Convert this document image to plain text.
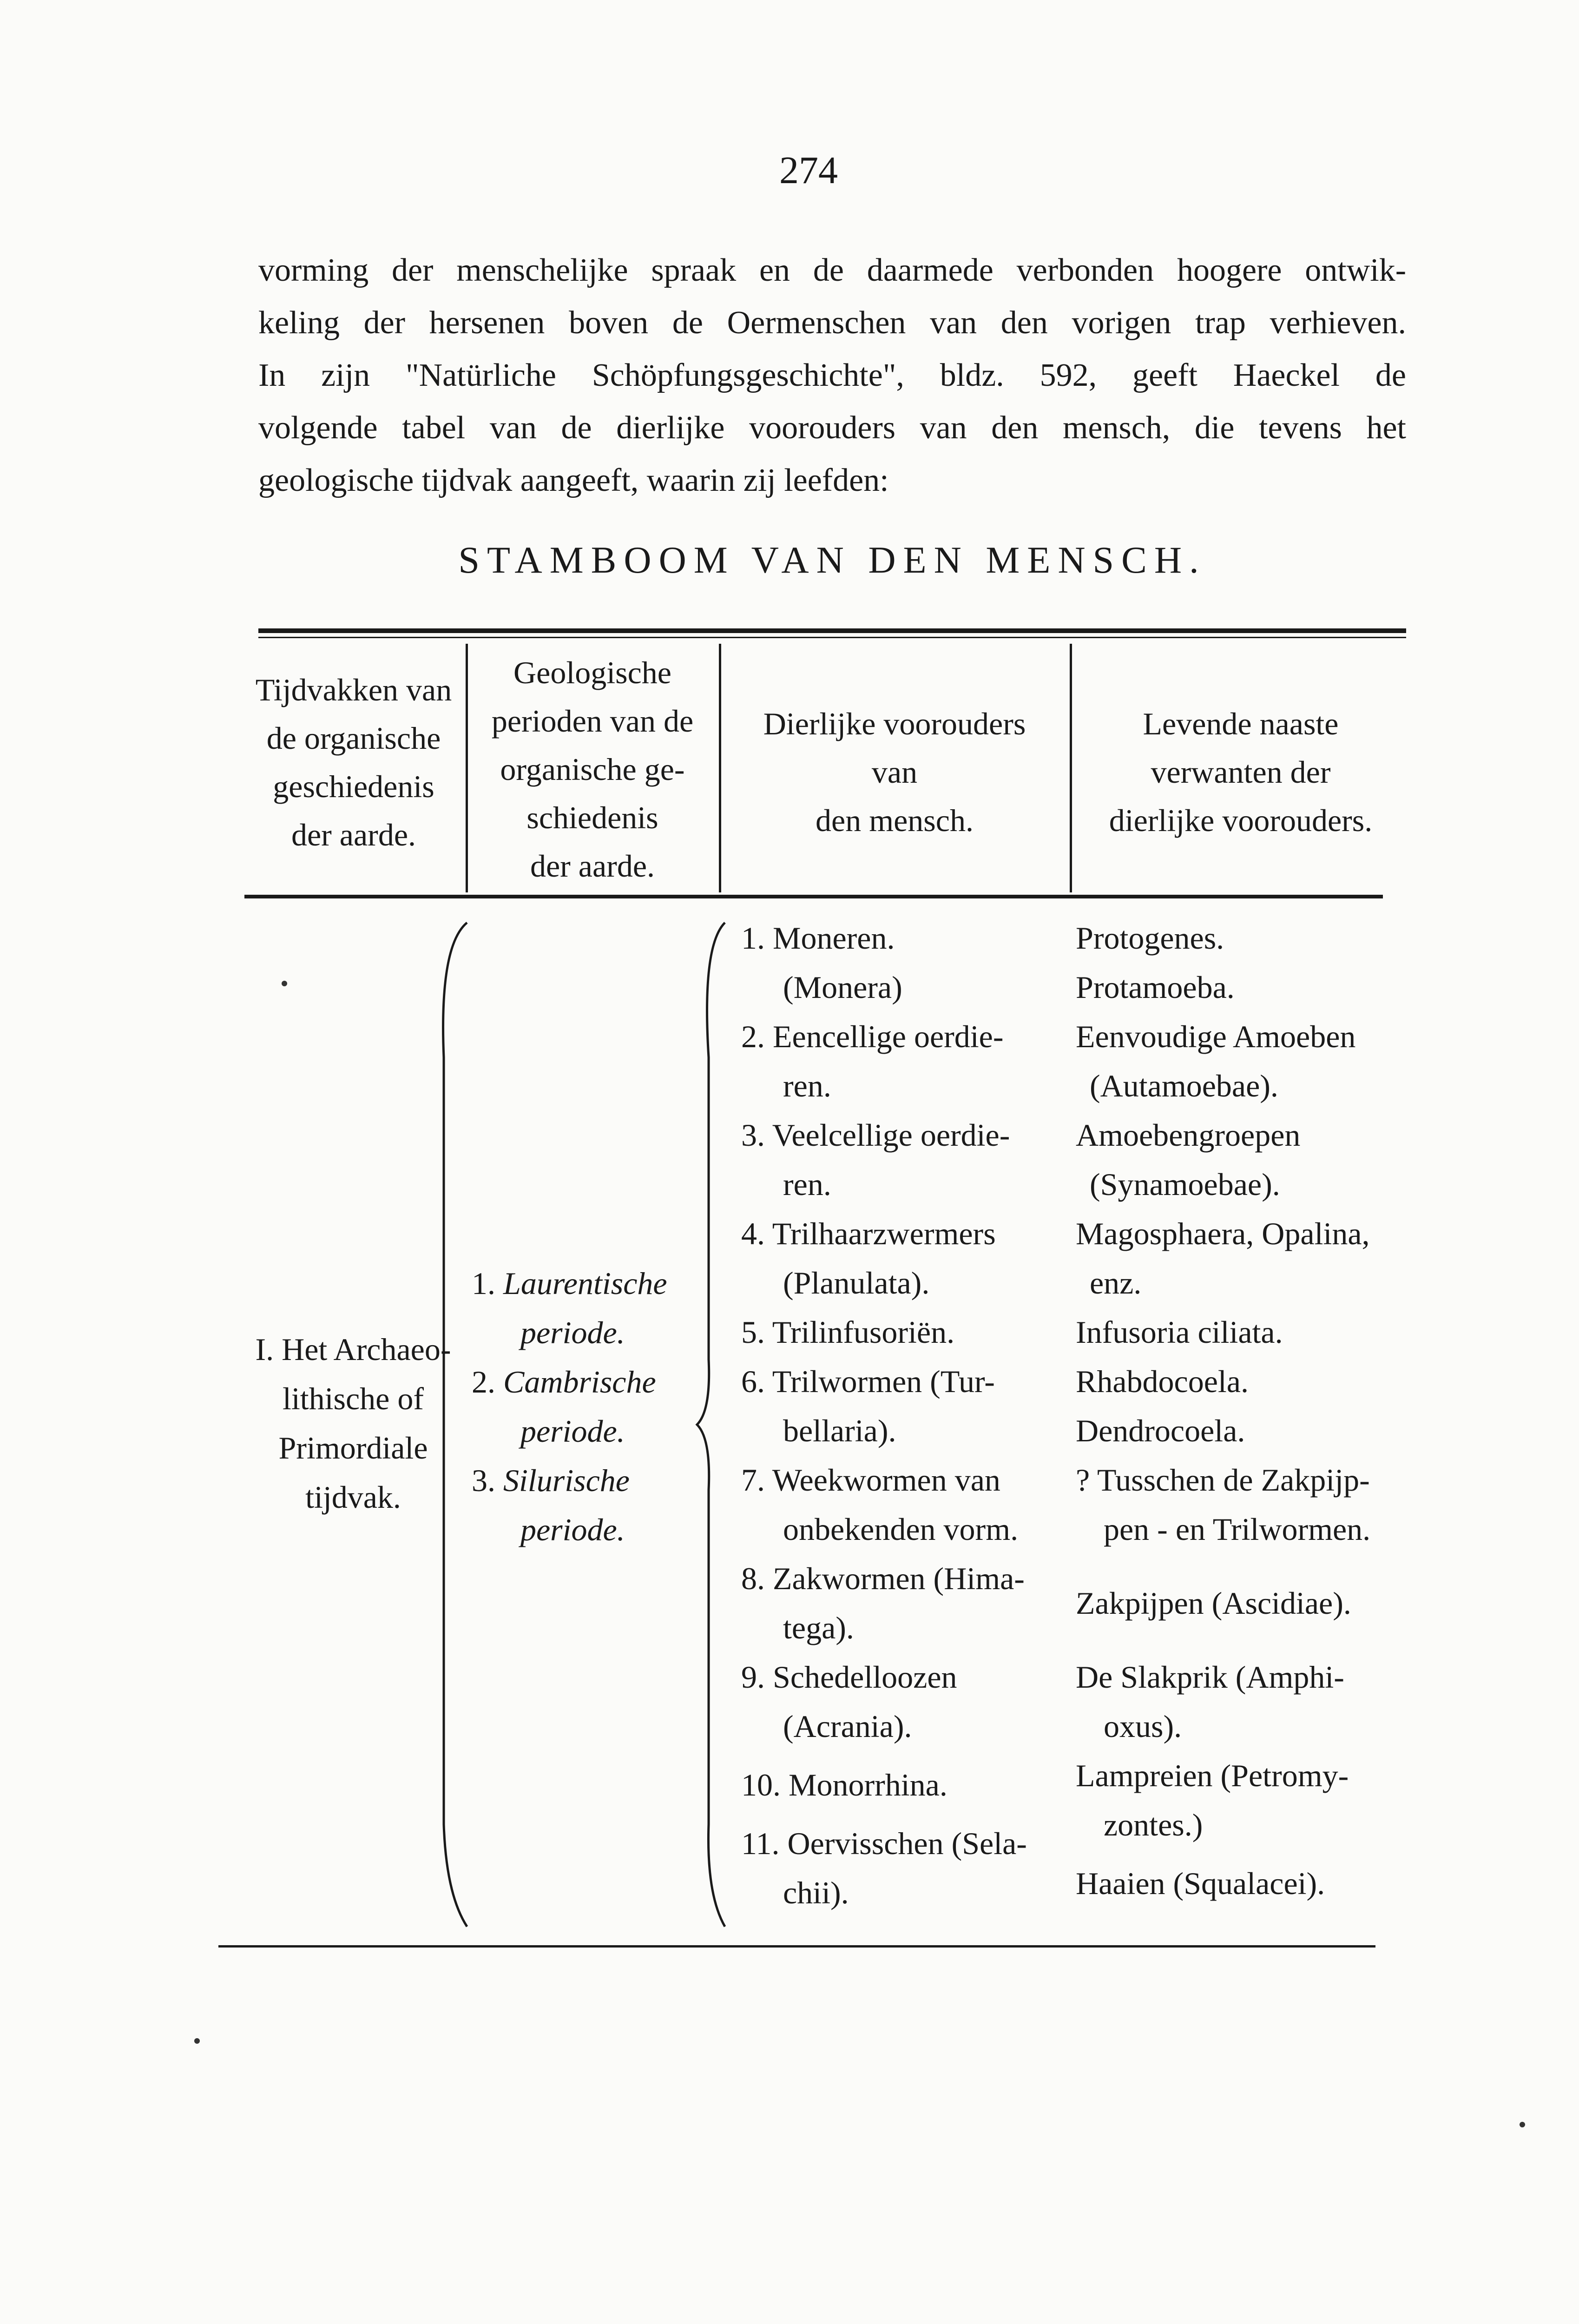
274
vorming der menschelijke spraak en de daarmede verbonden hoogere ontwik-
keling der hersenen boven de Oermenschen van den vorigen trap verhieven.
In zijn "Natürliche Schöpfungsgeschichte", bldz. 592, geeft Haeckel de
volgende tabel van de dierlijke voorouders van den mensch, die tevens het
geologische tijdvak aangeeft, waarin zij leefden:
STAMBOOM VAN DEN MENSCH.
Tijdvakken van
de organische
geschiedenis
der aarde.
Geologische
perioden van de
organische ge-
schiedenis
der aarde.
Dierlijke voorouders
van
den mensch.
Levende naaste
verwanten der
dierlijke voorouders.
I. Het Archaeo-
lithische of
Primordiale
tijdvak.
1. Laurentische
periode.
2. Cambrische
periode.
3. Silurische
periode.
1. Moneren.
(Monera)
2. Eencellige oerdie-
ren.
3. Veelcellige oerdie-
ren.
4. Trilhaarzwermers
(Planulata).
5. Trilinfusoriën.
6. Trilwormen (Tur-
bellaria).
7. Weekwormen van
onbekenden vorm.
8. Zakwormen (Hima-
tega).
9. Schedelloozen
(Acrania).
10. Monorrhina.
11. Oervisschen (Sela-
chii).
Protogenes.
Protamoeba.
Eenvoudige Amoeben
(Autamoebae).
Amoebengroepen
(Synamoebae).
Magosphaera, Opalina,
enz.
Infusoria ciliata.
Rhabdocoela.
Dendrocoela.
? Tusschen de Zakpijp-
pen - en Trilwormen.
Zakpijpen (Ascidiae).
De Slakprik (Amphi-
oxus).
Lampreien (Petromy-
zontes.)
Haaien (Squalacei).
